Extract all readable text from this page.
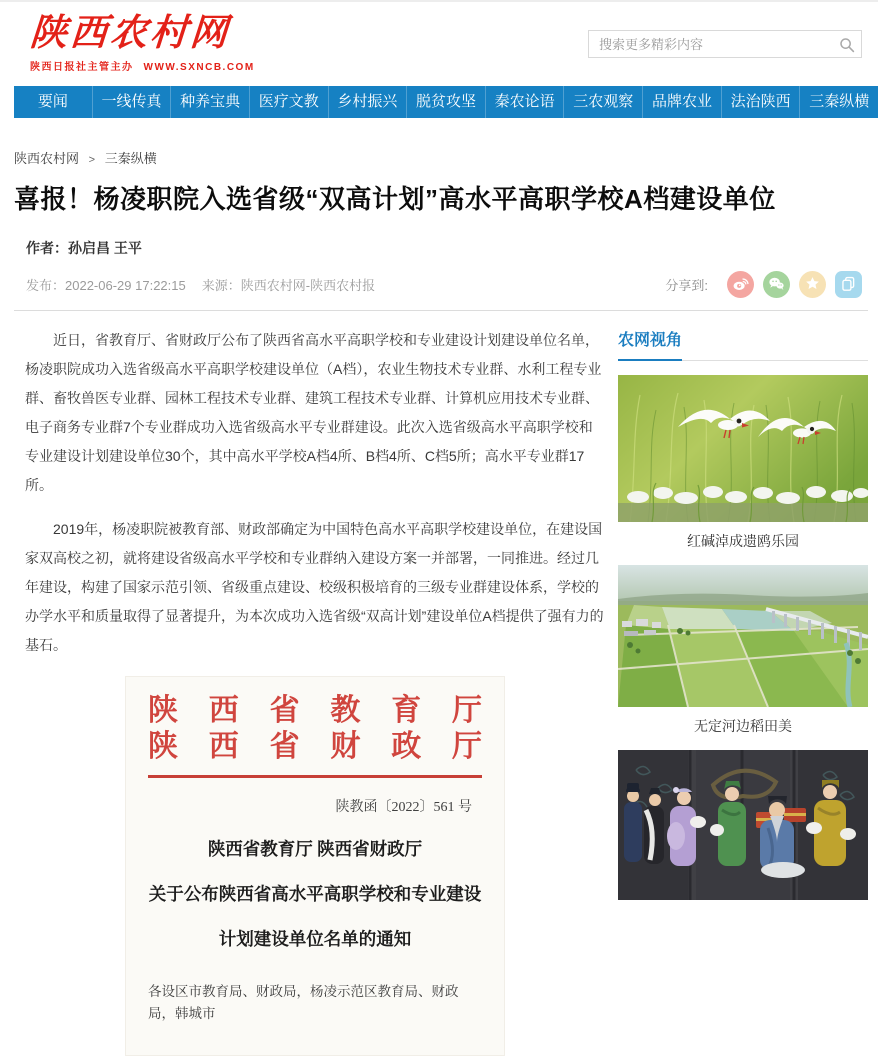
陕西农村网
陕西日报社主管主办 WWW.SXNCB.COM
搜索更多精彩内容
要闻	一线传真	种养宝典	医疗文教	乡村振兴	脱贫攻坚	秦农论语	三农观察	品牌农业	法治陕西	三秦纵横
陕西农村网 > 三秦纵横
喜报！杨凌职院入选省级“双高计划”高水平高职学校A档建设单位
作者：孙启昌 王平
发布：2022-06-29 17:22:15 来源：陕西农村网-陕西农村报	分享到:

近日，省教育厅、省财政厅公布了陕西省高水平高职学校和专业建设计划建设单位名单，杨凌职院成功入选省级高水平高职学校建设单位（A档），农业生物技术专业群、水利工程专业群、畜牧兽医专业群、园林工程技术专业群、建筑工程技术专业群、计算机应用技术专业群、电子商务专业群7个专业群成功入选省级高水平专业群建设。此次入选省级高水平高职学校和专业建设计划建设单位30个，其中高水平学校A档4所、B档4所、C档5所；高水平专业群17所。

2019年，杨凌职院被教育部、财政部确定为中国特色高水平高职学校建设单位，在建设国家双高校之初，就将建设省级高水平学校和专业群纳入建设方案一并部署，一同推进。经过几年建设，构建了国家示范引领、省级重点建设、校级积极培育的三级专业群建设体系，学校的办学水平和质量取得了显著提升，为本次成功入选省级“双高计划”建设单位A档提供了强有力的基石。

陕西省教育厅
陕西省财政厅
陕教函〔2022〕561 号
陕西省教育厅 陕西省财政厅
关于公布陕西省高水平高职学校和专业建设
计划建设单位名单的通知
各设区市教育局、财政局，杨凌示范区教育局、财政局，韩城市
农网视角
红碱淖成遗鸥乐园
无定河边稻田美
